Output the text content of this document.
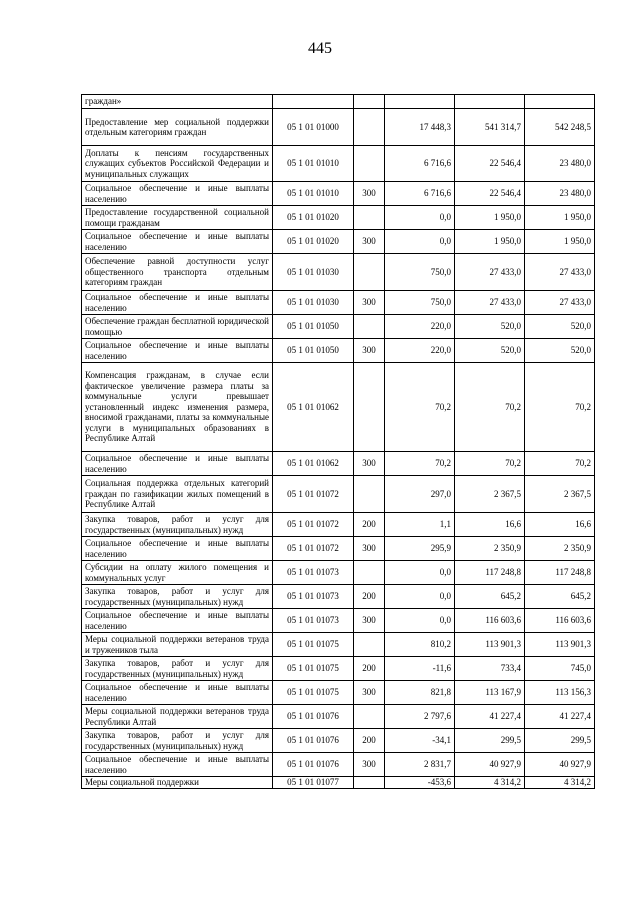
445
граждан»					
Предоставление мер социальной поддержки отдельным категориям граждан	05 1 01 01000		17 448,3	541 314,7	542 248,5
Доплаты к пенсиям государственных служащих субъектов Российской Федерации и муниципальных служащих	05 1 01 01010		6 716,6	22 546,4	23 480,0
Социальное обеспечение и иные выплаты населению	05 1 01 01010	300	6 716,6	22 546,4	23 480,0
Предоставление государственной социальной помощи гражданам	05 1 01 01020		0,0	1 950,0	1 950,0
Социальное обеспечение и иные выплаты населению	05 1 01 01020	300	0,0	1 950,0	1 950,0
Обеспечение равной доступности услуг общественного транспорта отдельным категориям граждан	05 1 01 01030		750,0	27 433,0	27 433,0
Социальное обеспечение и иные выплаты населению	05 1 01 01030	300	750,0	27 433,0	27 433,0
Обеспечение граждан бесплатной юридической помощью	05 1 01 01050		220,0	520,0	520,0
Социальное обеспечение и иные выплаты населению	05 1 01 01050	300	220,0	520,0	520,0
Компенсация гражданам, в случае если фактическое увеличение размера платы за коммунальные услуги превышает установленный индекс изменения размера, вносимой гражданами, платы за коммунальные услуги в муниципальных образованиях в Республике Алтай	05 1 01 01062		70,2	70,2	70,2
Социальное обеспечение и иные выплаты населению	05 1 01 01062	300	70,2	70,2	70,2
Социальная поддержка отдельных категорий граждан по газификации жилых помещений в Республике Алтай	05 1 01 01072		297,0	2 367,5	2 367,5
Закупка товаров, работ и услуг для государственных (муниципальных) нужд	05 1 01 01072	200	1,1	16,6	16,6
Социальное обеспечение и иные выплаты населению	05 1 01 01072	300	295,9	2 350,9	2 350,9
Субсидии на оплату жилого помещения и коммунальных услуг	05 1 01 01073		0,0	117 248,8	117 248,8
Закупка товаров, работ и услуг для государственных (муниципальных) нужд	05 1 01 01073	200	0,0	645,2	645,2
Социальное обеспечение и иные выплаты населению	05 1 01 01073	300	0,0	116 603,6	116 603,6
Меры социальной поддержки ветеранов труда и тружеников тыла	05 1 01 01075		810,2	113 901,3	113 901,3
Закупка товаров, работ и услуг для государственных (муниципальных) нужд	05 1 01 01075	200	-11,6	733,4	745,0
Социальное обеспечение и иные выплаты населению	05 1 01 01075	300	821,8	113 167,9	113 156,3
Меры социальной поддержки ветеранов труда Республики Алтай	05 1 01 01076		2 797,6	41 227,4	41 227,4
Закупка товаров, работ и услуг для государственных (муниципальных) нужд	05 1 01 01076	200	-34,1	299,5	299,5
Социальное обеспечение и иные выплаты населению	05 1 01 01076	300	2 831,7	40 927,9	40 927,9
Меры социальной поддержки	05 1 01 01077		-453,6	4 314,2	4 314,2
